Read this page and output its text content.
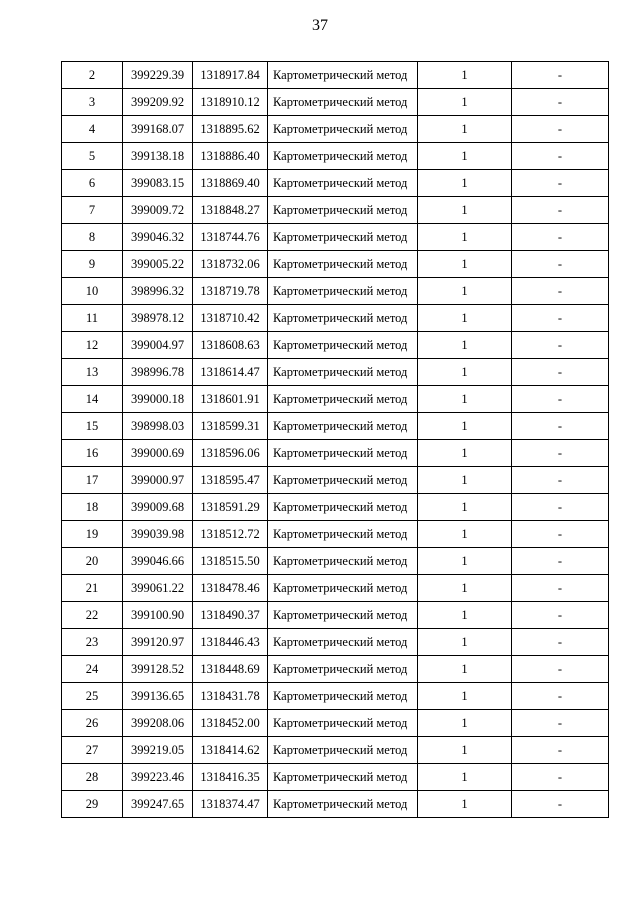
37
2	399229.39	1318917.84	Картометрический метод	1	-
3	399209.92	1318910.12	Картометрический метод	1	-
4	399168.07	1318895.62	Картометрический метод	1	-
5	399138.18	1318886.40	Картометрический метод	1	-
6	399083.15	1318869.40	Картометрический метод	1	-
7	399009.72	1318848.27	Картометрический метод	1	-
8	399046.32	1318744.76	Картометрический метод	1	-
9	399005.22	1318732.06	Картометрический метод	1	-
10	398996.32	1318719.78	Картометрический метод	1	-
11	398978.12	1318710.42	Картометрический метод	1	-
12	399004.97	1318608.63	Картометрический метод	1	-
13	398996.78	1318614.47	Картометрический метод	1	-
14	399000.18	1318601.91	Картометрический метод	1	-
15	398998.03	1318599.31	Картометрический метод	1	-
16	399000.69	1318596.06	Картометрический метод	1	-
17	399000.97	1318595.47	Картометрический метод	1	-
18	399009.68	1318591.29	Картометрический метод	1	-
19	399039.98	1318512.72	Картометрический метод	1	-
20	399046.66	1318515.50	Картометрический метод	1	-
21	399061.22	1318478.46	Картометрический метод	1	-
22	399100.90	1318490.37	Картометрический метод	1	-
23	399120.97	1318446.43	Картометрический метод	1	-
24	399128.52	1318448.69	Картометрический метод	1	-
25	399136.65	1318431.78	Картометрический метод	1	-
26	399208.06	1318452.00	Картометрический метод	1	-
27	399219.05	1318414.62	Картометрический метод	1	-
28	399223.46	1318416.35	Картометрический метод	1	-
29	399247.65	1318374.47	Картометрический метод	1	-
